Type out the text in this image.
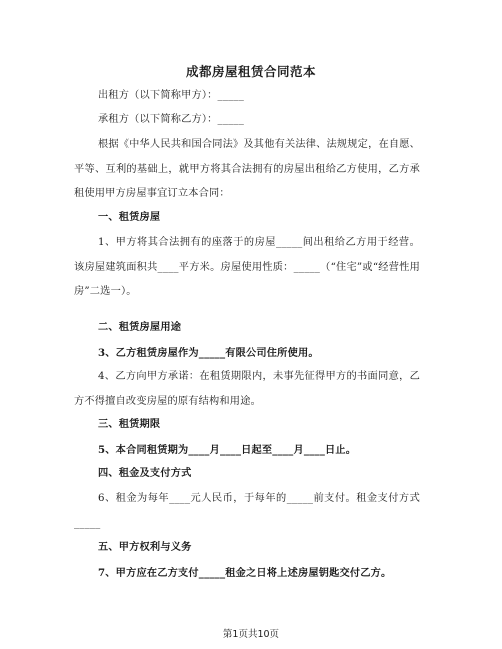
成都房屋租赁合同范本
出租方（以下简称甲方）：_____
承租方（以下简称乙方）：_____
根据《中华人民共和国合同法》及其他有关法律、法规规定，在自愿、平等、互利的基础上，就甲方将其合法拥有的房屋出租给乙方使用，乙方承租使用甲方房屋事宜订立本合同：
一、租赁房屋
1、甲方将其合法拥有的座落于的房屋_____间出租给乙方用于经营。该房屋建筑面积共____平方米。房屋使用性质：_____（“住宅”或“经营性用房”二选一）。
二、租赁房屋用途
3、乙方租赁房屋作为_____有限公司住所使用。
4、乙方向甲方承诺：在租赁期限内，未事先征得甲方的书面同意，乙方不得擅自改变房屋的原有结构和用途。
三、租赁期限
5、本合同租赁期为____月____日起至____月____日止。
四、租金及支付方式
6、租金为每年____元人民币，于每年的_____前支付。租金支付方式_____
五、甲方权利与义务
7、甲方应在乙方支付_____租金之日将上述房屋钥匙交付乙方。
第1页共10页
